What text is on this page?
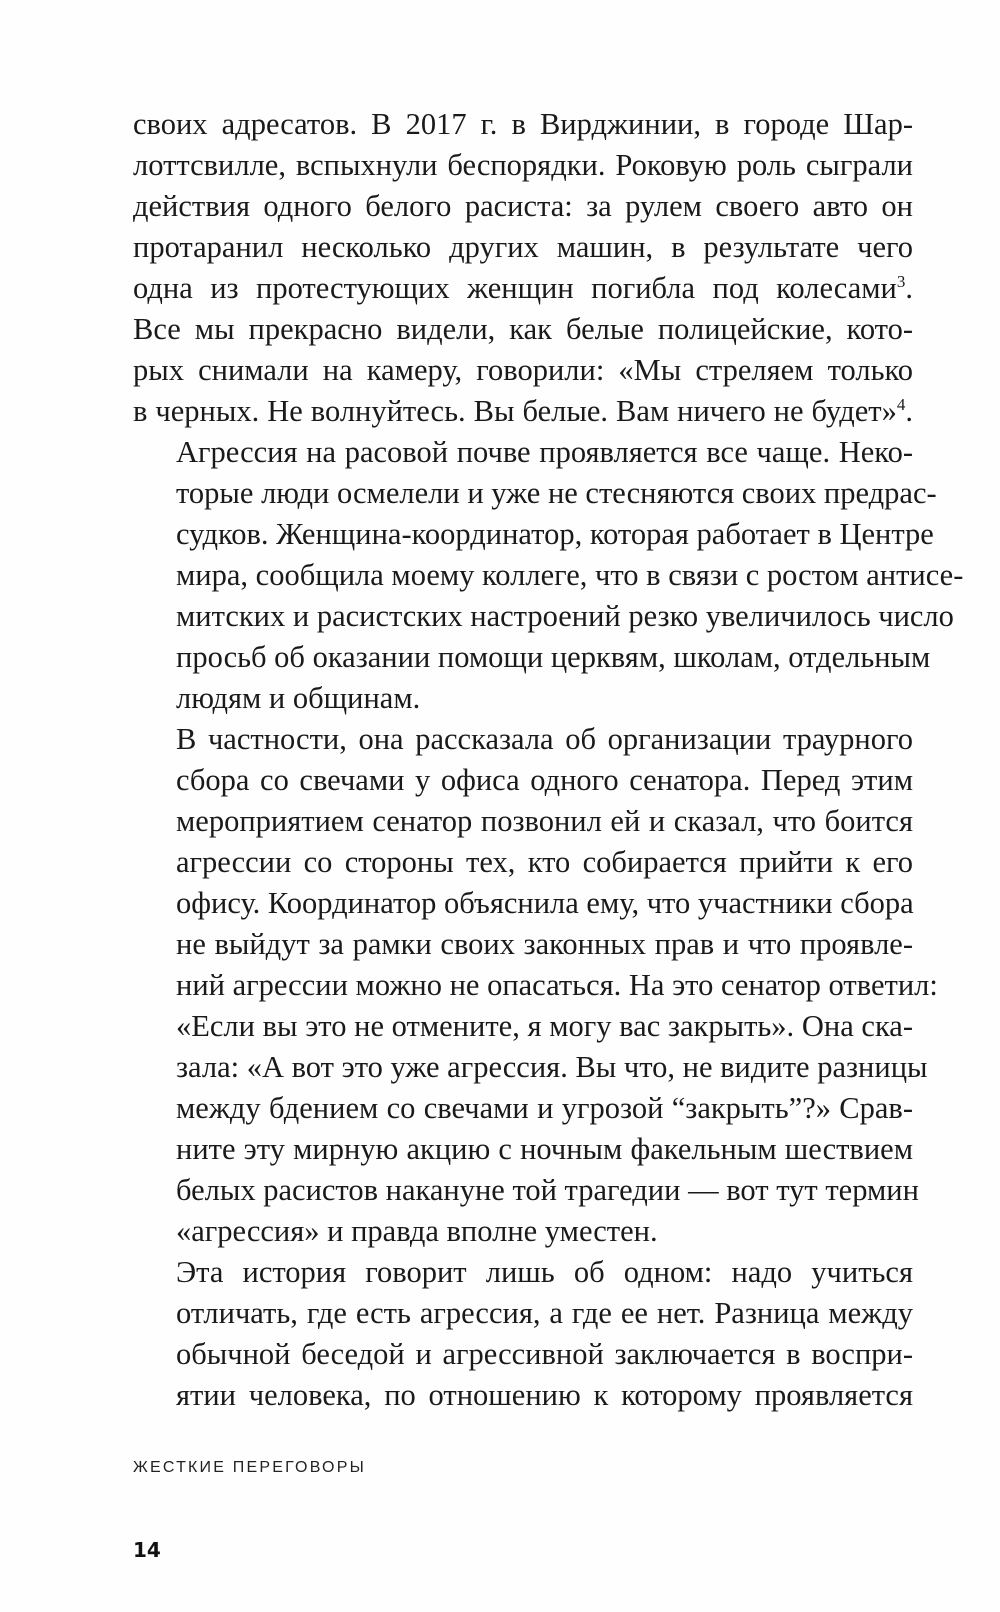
своих адресатов. В 2017 г. в Вирджинии, в городе Шар-
лоттсвилле, вспыхнули беспорядки. Роковую роль сыграли
действия одного белого расиста: за рулем своего авто он
протаранил несколько других машин, в результате чего
одна из протестующих женщин погибла под колесами$^3$.
Все мы прекрасно видели, как белые полицейские, кото-
рых снимали на камеру, говорили: «Мы стреляем только
в черных. Не волнуйтесь. Вы белые. Вам ничего не будет»$^4$.

Агрессия на расовой почве проявляется все чаще. Неко-
торые люди осмелели и уже не стесняются своих предрас-
судков. Женщина-координатор, которая работает в Центре
мира, сообщила моему коллеге, что в связи с ростом антисе-
митских и расистских настроений резко увеличилось число
просьб об оказании помощи церквям, школам, отдельным
людям и общинам.

В частности, она рассказала об организации траурного
сбора со свечами у офиса одного сенатора. Перед этим
мероприятием сенатор позвонил ей и сказал, что боится
агрессии со стороны тех, кто собирается прийти к его
офису. Координатор объяснила ему, что участники сбора
не выйдут за рамки своих законных прав и что проявле-
ний агрессии можно не опасаться. На это сенатор ответил:
«Если вы это не отмените, я могу вас закрыть». Она ска-
зала: «А вот это уже агрессия. Вы что, не видите разницы
между бдением со свечами и угрозой “закрыть”?» Срав-
ните эту мирную акцию с ночным факельным шествием
белых расистов накануне той трагедии — вот тут термин
«агрессия» и правда вполне уместен.

Эта история говорит лишь об одном: надо учиться
отличать, где есть агрессия, а где ее нет. Разница между
обычной беседой и агрессивной заключается в воспри-
ятии человека, по отношению к которому проявляется

ЖЕСТКИЕ ПЕРЕГОВОРЫ
14
